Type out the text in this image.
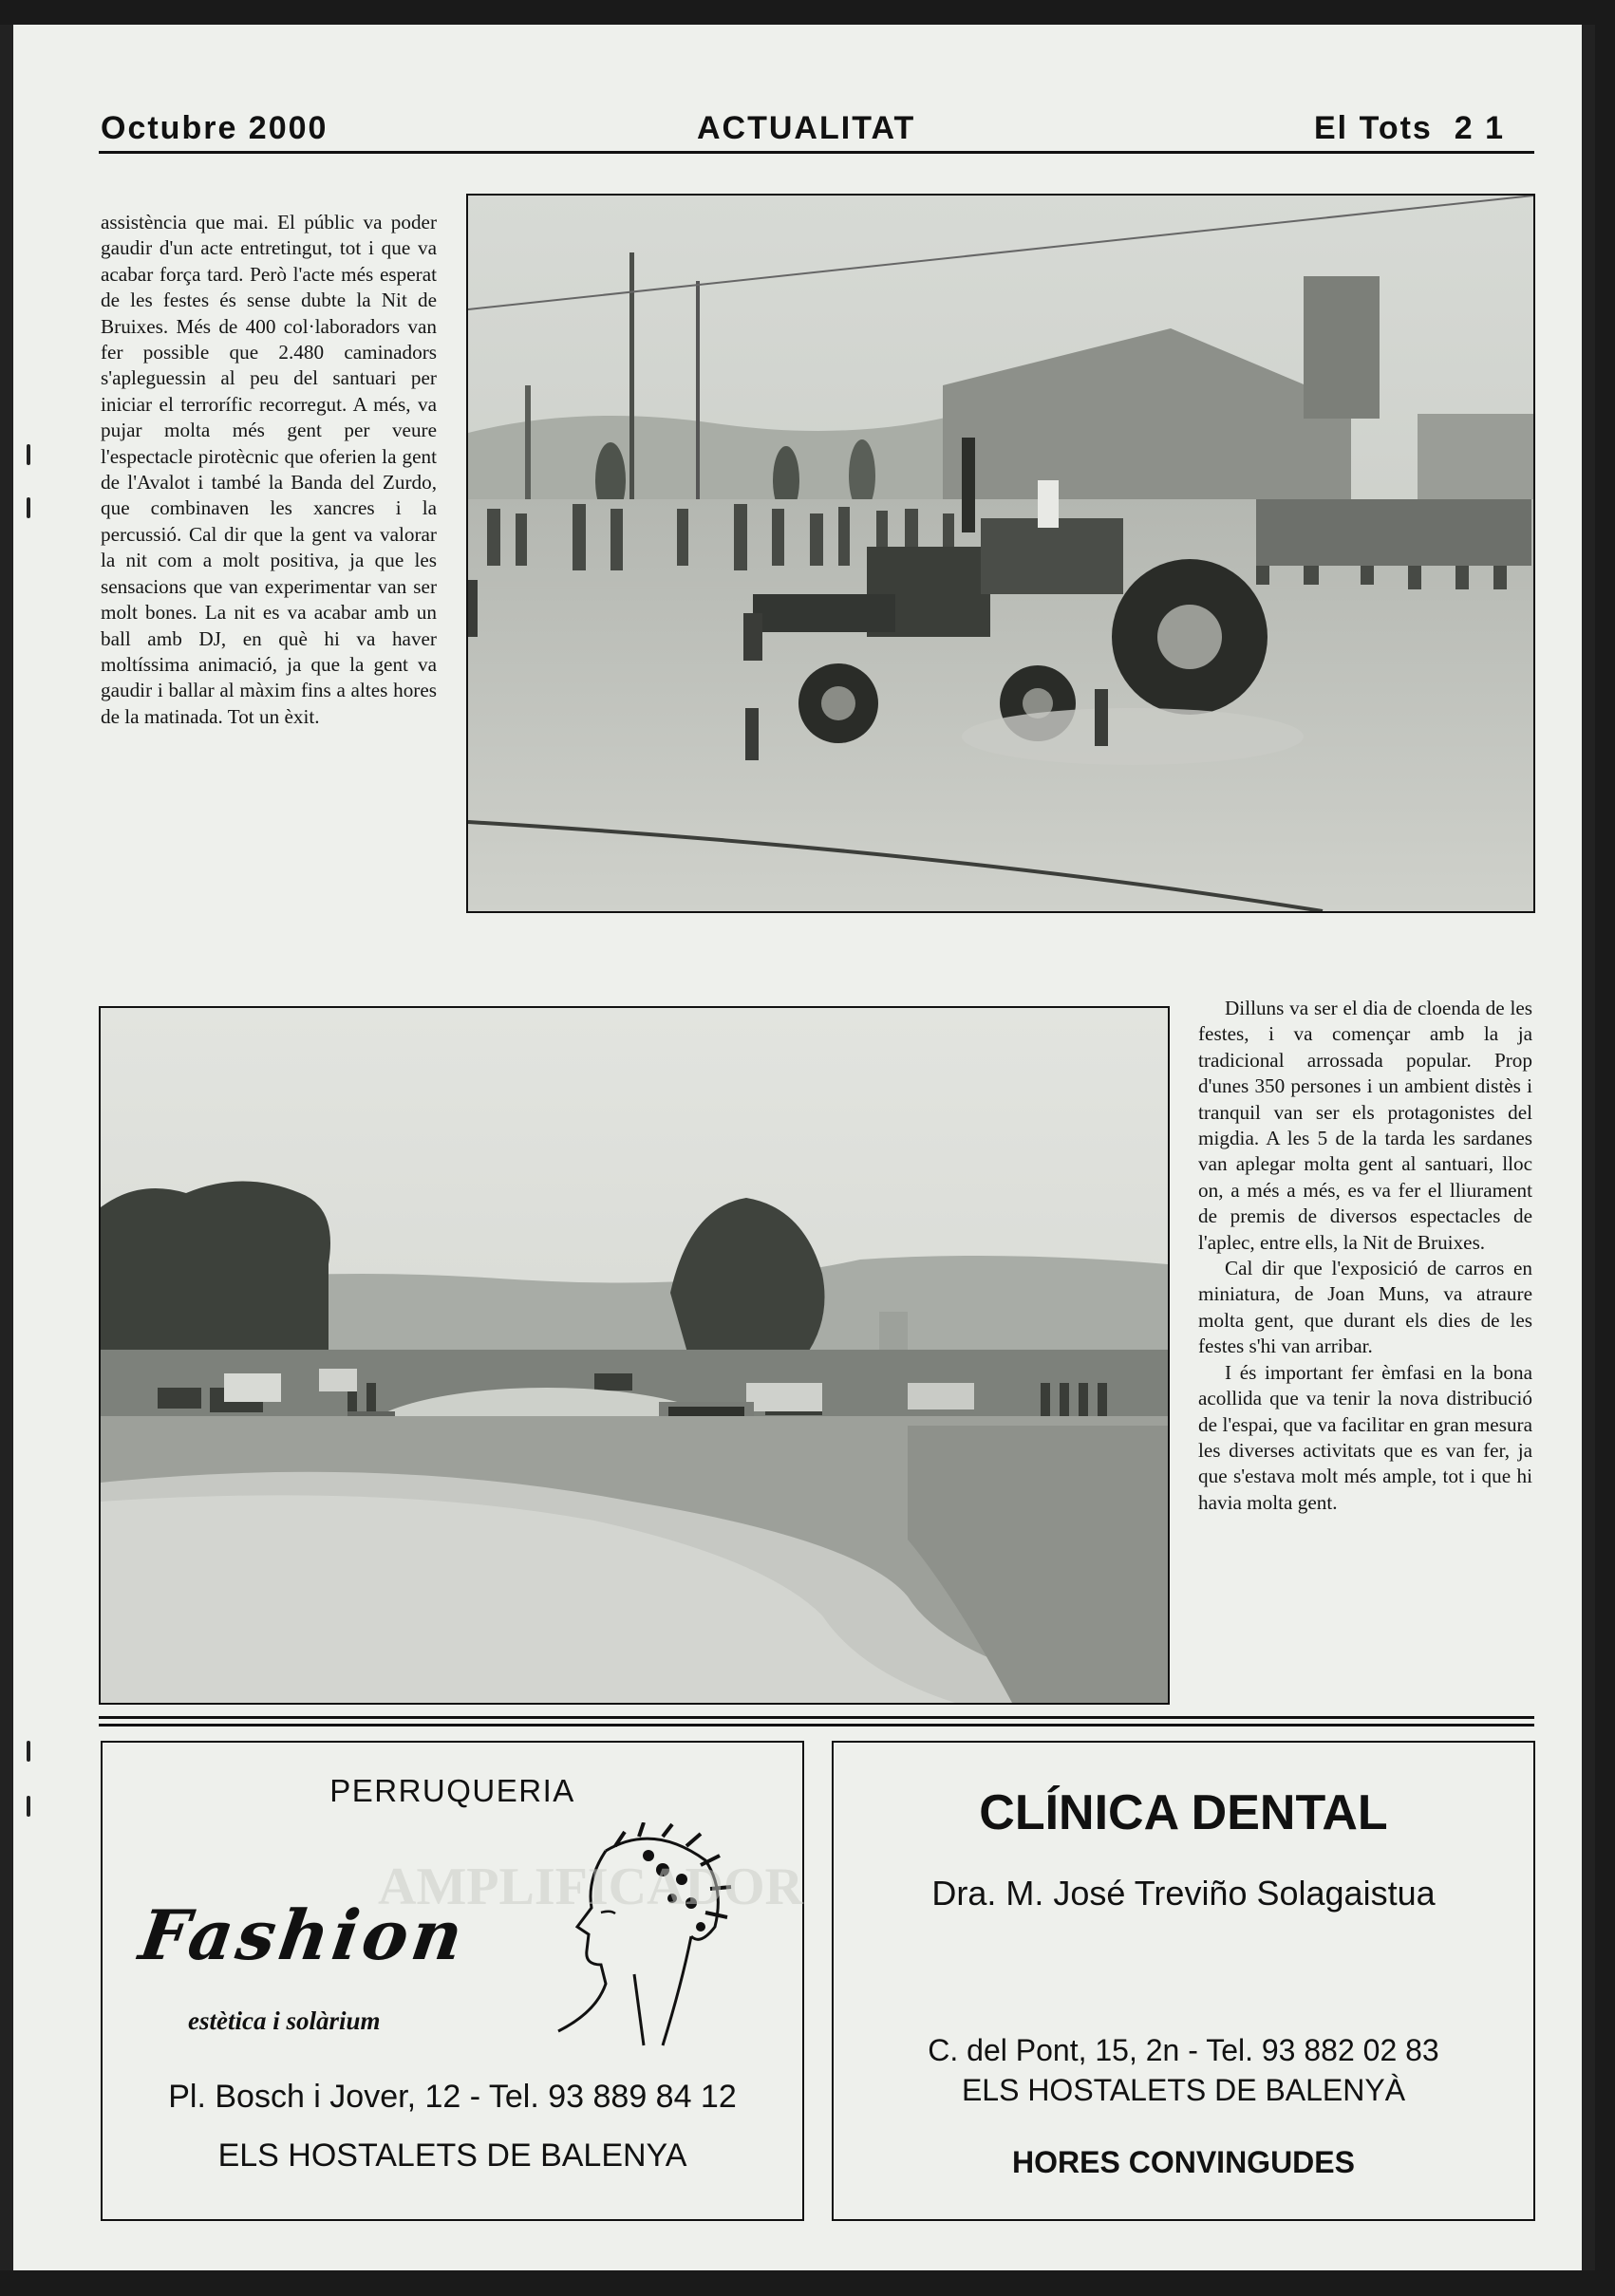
Octubre 2000	ACTUALITAT	El Tots 2 1

assistència que mai. El públic va poder gaudir d'un acte entretingut, tot i que va acabar força tard. Però l'acte més esperat de les festes és sense dubte la Nit de Bruixes. Més de 400 col·laboradors van fer possible que 2.480 caminadors s'apleguessin al peu del santuari per iniciar el terrorífic recorregut. A més, va pujar molta més gent per veure l'espectacle pirotècnic que oferien la gent de l'Avalot i també la Banda del Zurdo, que combinaven les xancres i la percussió. Cal dir que la gent va valorar la nit com a molt positiva, ja que les sensacions que van experimentar van ser molt bones. La nit es va acabar amb un ball amb DJ, en què hi va haver moltíssima animació, ja que la gent va gaudir i ballar al màxim fins a altes hores de la matinada. Tot un èxit.

Dilluns va ser el dia de cloenda de les festes, i va començar amb la ja tradicional arrossada popular. Prop d'unes 350 persones i un ambient distès i tranquil van ser els protagonistes del migdia. A les 5 de la tarda les sardanes van aplegar molta gent al santuari, lloc on, a més a més, es va fer el lliurament de premis de diversos espectacles de l'aplec, entre ells, la Nit de Bruixes.

Cal dir que l'exposició de carros en miniatura, de Joan Muns, va atraure molta gent, que durant els dies de les festes s'hi van arribar.

I és important fer èmfasi en la bona acollida que va tenir la nova distribució de l'espai, que va facilitar en gran mesura les diverses activitats que es van fer, ja que s'estava molt més ample, tot i que hi havia molta gent.

PERRUQUERIA
Fashion
estètica i solàrium
Pl. Bosch i Jover, 12 - Tel. 93 889 84 12
ELS HOSTALETS DE BALENYA
AMPLIFICADOR
CLÍNICA DENTAL
Dra. M. José Treviño Solagaistua
C. del Pont, 15, 2n - Tel. 93 882 02 83
ELS HOSTALETS DE BALENYÀ
HORES CONVINGUDES
